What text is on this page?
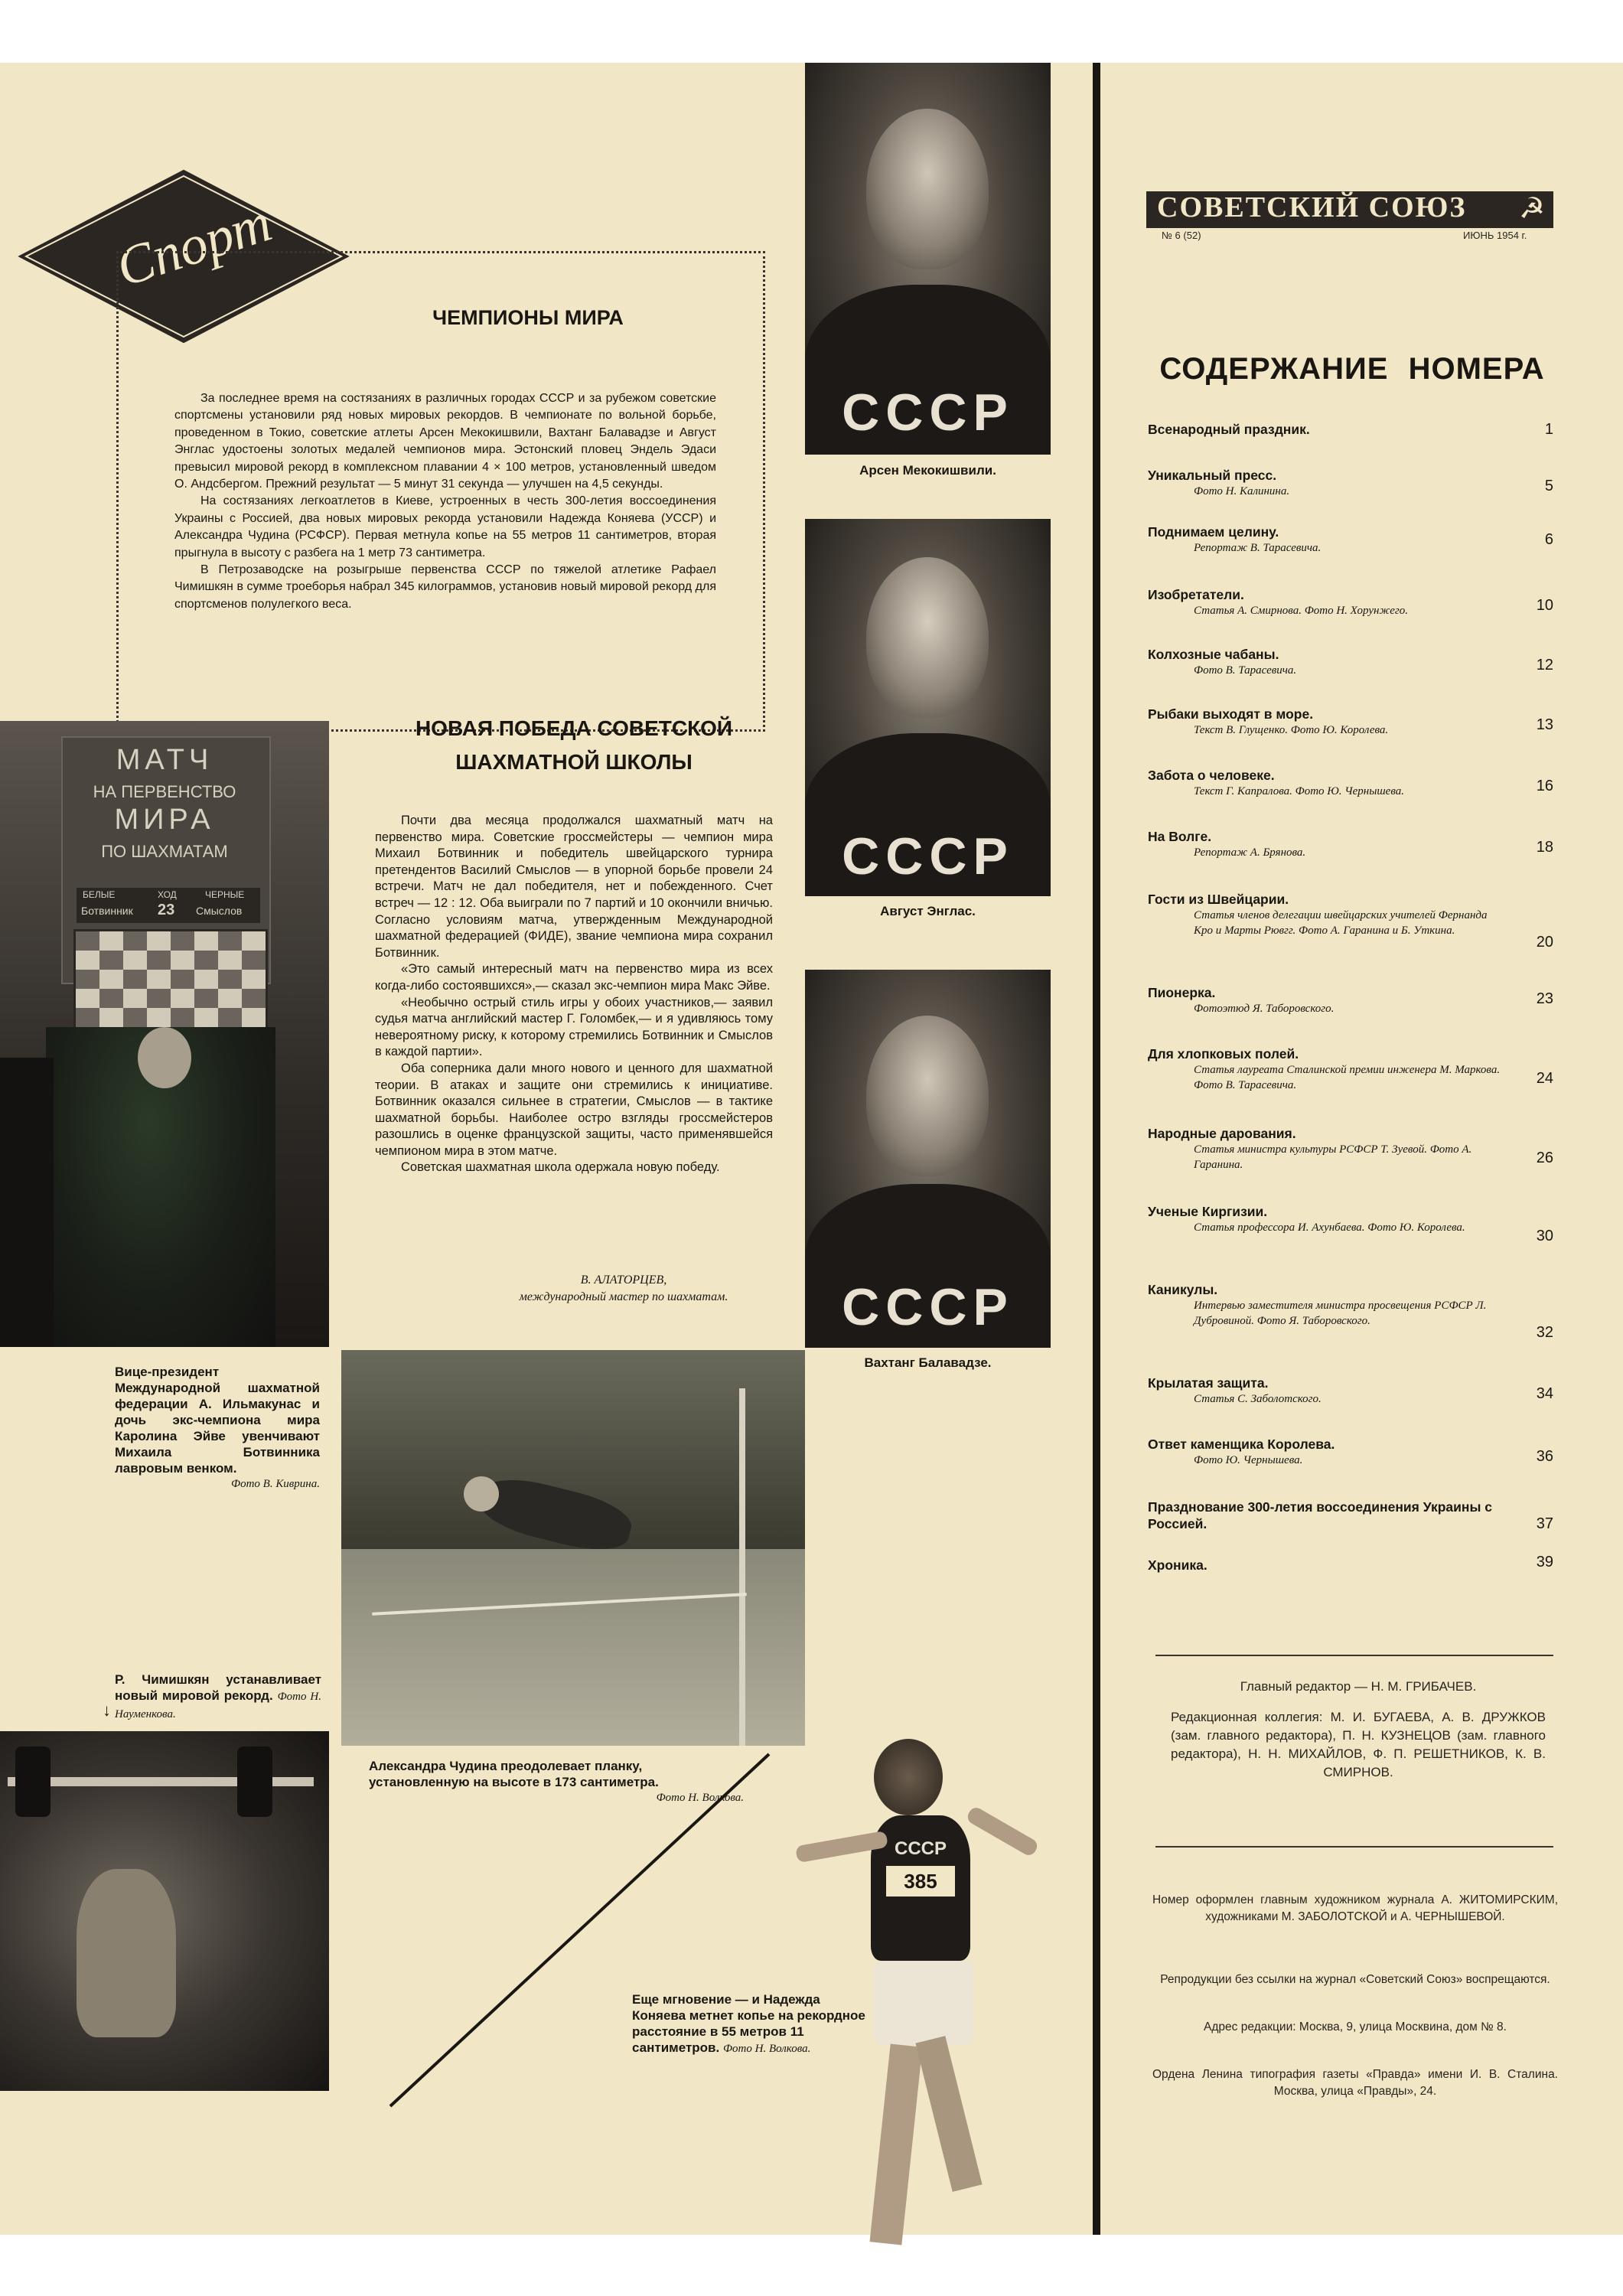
Спорт
ЧЕМПИОНЫ МИРА

За последнее время на состязаниях в различных городах СССР и за рубежом советские спортсмены установили ряд новых мировых рекордов. В чемпионате по вольной борьбе, проведенном в Токио, советские атлеты Арсен Мекокишвили, Вахтанг Балавадзе и Август Энглас удостоены золотых медалей чемпионов мира. Эстонский пловец Эндель Эдаси превысил мировой рекорд в комплексном плавании 4 × 100 метров, установленный шведом О. Андсбергом. Прежний результат — 5 минут 31 секунда — улучшен на 4,5 секунды.

На состязаниях легкоатлетов в Киеве, устроенных в честь 300-летия воссоединения Украины с Россией, два новых мировых рекорда установили Надежда Коняева (УССР) и Александра Чудина (РСФСР). Первая метнула копье на 55 метров 11 сантиметров, вторая прыгнула в высоту с разбега на 1 метр 73 сантиметра.

В Петрозаводске на розыгрыше первенства СССР по тяжелой атлетике Рафаел Чимишкян в сумме троеборья набрал 345 килограммов, установив новый мировой рекорд для спортсменов полулегкого веса.

СССР
Арсен Мекокишвили.
СССР
Август Энглас.
СССР
Вахтанг Балавадзе.
МАТЧ
НА ПЕРВЕНСТВО
МИРА
ПО ШАХМАТАМ
БЕЛЫЕ	ХОД	ЧЕРНЫЕ
Ботвинник 23 Смыслов
Вице-президент Международной шахматной федерации А. Ильмакунас и дочь экс-чемпиона мира Каролина Эйве увенчивают Михаила Ботвинника лавровым венком.
Фото В. Киврина.
НОВАЯ ПОБЕДА СОВЕТСКОЙ
ШАХМАТНОЙ ШКОЛЫ

Почти два месяца продолжался шахматный матч на первенство мира. Советские гроссмейстеры — чемпион мира Михаил Ботвинник и победитель швейцарского турнира претендентов Василий Смыслов — в упорной борьбе провели 24 встречи. Матч не дал победителя, нет и побежденного. Счет встреч — 12 : 12. Оба выиграли по 7 партий и 10 окончили вничью. Согласно условиям матча, утвержденным Международной шахматной федерацией (ФИДЕ), звание чемпиона мира сохранил Ботвинник.

«Это самый интересный матч на первенство мира из всех когда-либо состоявшихся»,— сказал экс-чемпион мира Макс Эйве.

«Необычно острый стиль игры у обоих участников,— заявил судья матча английский мастер Г. Голомбек,— и я удивляюсь тому невероятному риску, к которому стремились Ботвинник и Смыслов в каждой партии».

Оба соперника дали много нового и ценного для шахматной теории. В атаках и защите они стремились к инициативе. Ботвинник оказался сильнее в стратегии, Смыслов — в тактике шахматной борьбы. Наиболее остро взгляды гроссмейстеров разошлись в оценке французской защиты, часто применявшейся чемпионом мира в этом матче.

Советская шахматная школа одержала новую победу.

В. АЛАТОРЦЕВ,
международный мастер по шахматам.
Александра Чудина преодолевает планку, установленную на высоте в 173 сантиметра.
Фото Н. Волкова.
Р. Чимишкян устанавливает новый мировой рекорд. Фото Н. Науменкова.
↓
СССР
385
Еще мгновение — и Надежда Коняева метнет копье на рекордное расстояние в 55 метров 11 сантиметров. Фото Н. Волкова.
СОВЕТСКИЙ СОЮЗ	☭
№ 6 (52)	ИЮНЬ 1954 г.
СОДЕРЖАНИЕ НОМЕРА
Всенародный праздник.	1
Уникальный пресс.
Фото Н. Калинина.	5
Поднимаем целину.
Репортаж В. Тарасевича.	6
Изобретатели.
Статья А. Смирнова. Фото Н. Хорунжего.	10
Колхозные чабаны.
Фото В. Тарасевича.	12
Рыбаки выходят в море.
Текст В. Глущенко. Фото Ю. Королева.	13
Забота о человеке.
Текст Г. Капралова. Фото Ю. Чернышева.	16
На Волге.
Репортаж А. Брянова.	18
Гости из Швейцарии.
Статья членов делегации швейцарских учителей Фернанда Кро и Марты Рювгг. Фото А. Гаранина и Б. Уткина.
20
Пионерка.
Фотоэтюд Я. Таборовского.
23
Для хлопковых полей.
Статья лауреата Сталинской премии инженера М. Маркова. Фото В. Тарасевича.	24
Народные дарования.
Статья министра культуры РСФСР Т. Зуевой. Фото А. Гаранина.	26
Ученые Киргизии.
Статья профессора И. Ахунбаева. Фото Ю. Королева.	30
Каникулы.
Интервью заместителя министра просвещения РСФСР Л. Дубровиной. Фото Я. Таборовского.
32
Крылатая защита.
Статья С. Заболотского.	34
Ответ каменщика Королева.
Фото Ю. Чернышева.	36
Празднование 300-летия воссоединения Украины с Россией.	37
Хроника.	39
Главный редактор — Н. М. ГРИБАЧЕВ.
Редакционная коллегия: М. И. БУГАЕВА, А. В. ДРУЖКОВ (зам. главного редактора), П. Н. КУЗНЕЦОВ (зам. главного редактора), Н. Н. МИХАЙЛОВ, Ф. П. РЕШЕТНИКОВ, К. В. СМИРНОВ.
Номер оформлен главным художником журнала А. ЖИТОМИРСКИМ, художниками М. ЗАБОЛОТСКОЙ и А. ЧЕРНЫШЕВОЙ.
Репродукции без ссылки на журнал «Советский Союз» воспрещаются.
Адрес редакции: Москва, 9, улица Москвина, дом № 8.
Ордена Ленина типография газеты «Правда» имени И. В. Сталина. Москва, улица «Правды», 24.
